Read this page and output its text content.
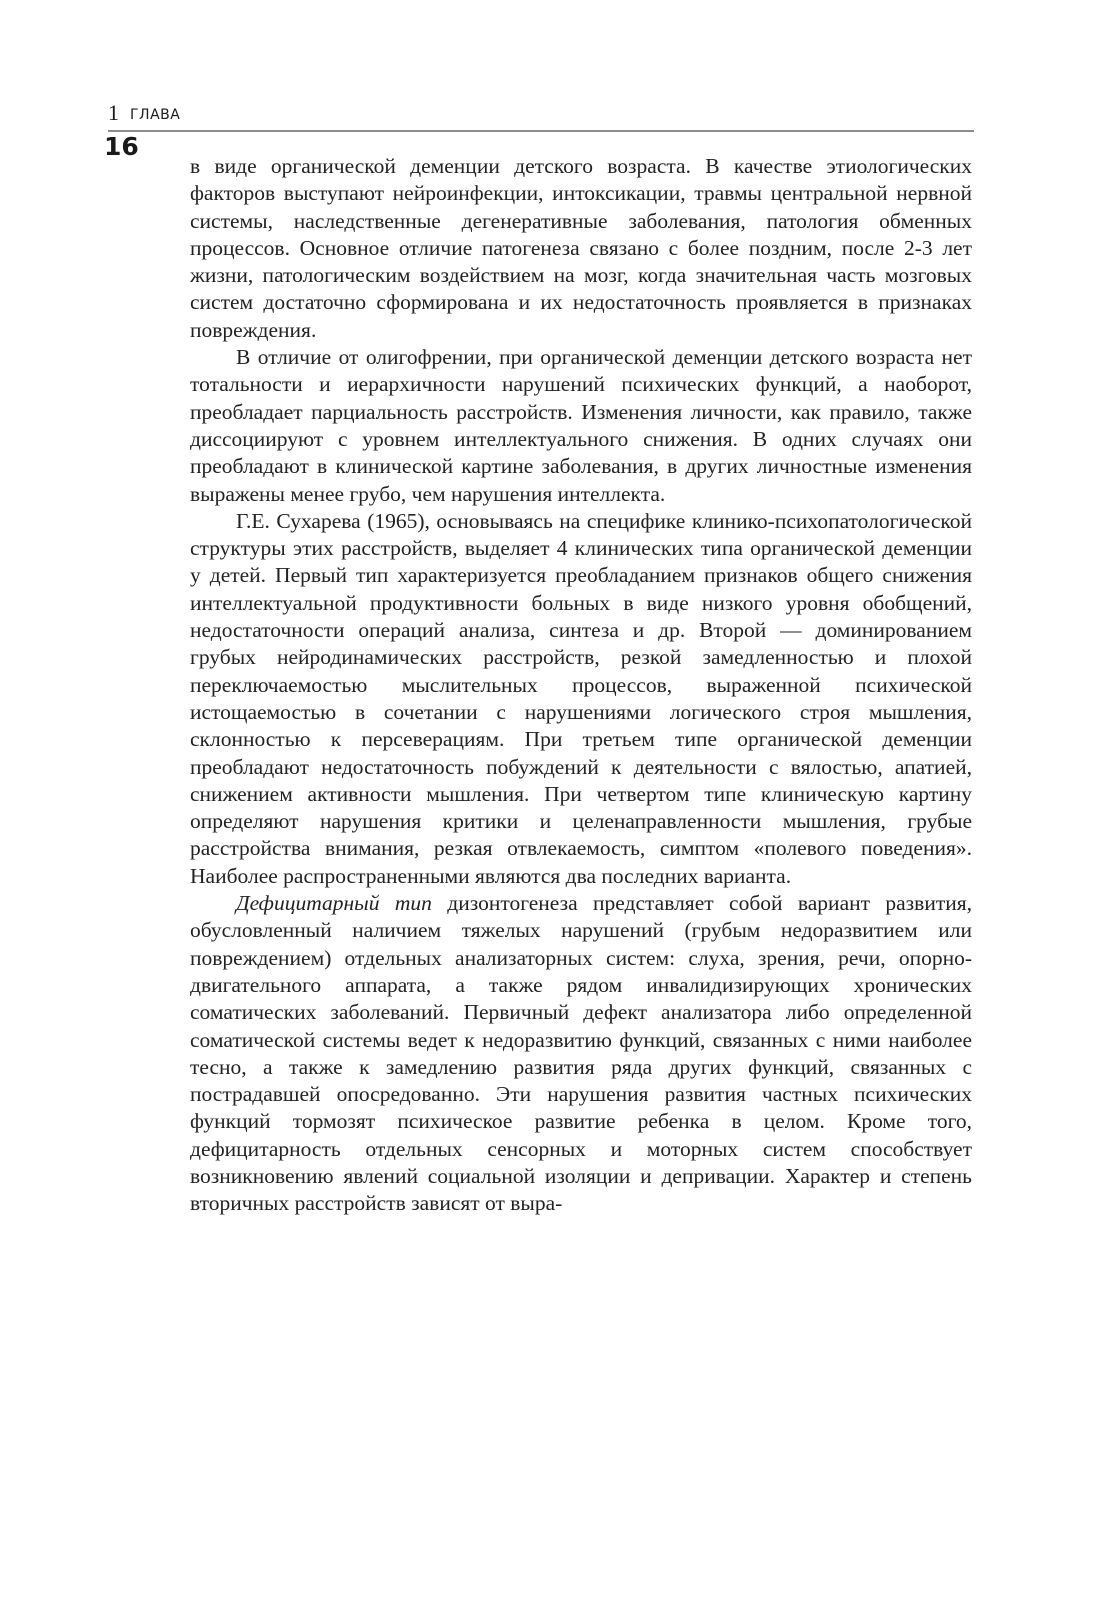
1 ГЛАВА
16

в виде органической деменции детского возраста. В качестве этиологических факторов выступают нейроинфекции, интоксикации, травмы центральной нервной системы, наследственные дегенеративные заболевания, патология обменных процессов. Основное отличие патогенеза связано с более поздним, после 2-3 лет жизни, патологическим воздействием на мозг, когда значительная часть мозговых систем достаточно сформирована и их недостаточность проявляется в признаках повреждения.

В отличие от олигофрении, при органической деменции детского возраста нет тотальности и иерархичности нарушений психических функций, а наоборот, преобладает парциальность расстройств. Изменения личности, как правило, также диссоциируют с уровнем интеллектуального снижения. В одних случаях они преобладают в клинической картине заболевания, в других личностные изменения выражены менее грубо, чем нарушения интеллекта.

Г.Е. Сухарева (1965), основываясь на специфике клинико-психопатологической структуры этих расстройств, выделяет 4 клинических типа органической деменции у детей. Первый тип характеризуется преобладанием признаков общего снижения интеллектуальной продуктивности больных в виде низкого уровня обобщений, недостаточности операций анализа, синтеза и др. Второй — доминированием грубых нейродинамических расстройств, резкой замедленностью и плохой переключаемостью мыслительных процессов, выраженной психической истощаемостью в сочетании с нарушениями логического строя мышления, склонностью к персеверациям. При третьем типе органической деменции преобладают недостаточность побуждений к деятельности с вялостью, апатией, снижением активности мышления. При четвертом типе клиническую картину определяют нарушения критики и целенаправленности мышления, грубые расстройства внимания, резкая отвлекаемость, симптом «полевого поведения». Наиболее распространенными являются два последних варианта.

Дефицитарный тип дизонтогенеза представляет собой вариант развития, обусловленный наличием тяжелых нарушений (грубым недоразвитием или повреждением) отдельных анализаторных систем: слуха, зрения, речи, опорно-двигательного аппарата, а также рядом инвалидизирующих хронических соматических заболеваний. Первичный дефект анализатора либо определенной соматической системы ведет к недоразвитию функций, связанных с ними наиболее тесно, а также к замедлению развития ряда других функций, связанных с пострадавшей опосредованно. Эти нарушения развития частных психических функций тормозят психическое развитие ребенка в целом. Кроме того, дефицитарность отдельных сенсорных и моторных систем способствует возникновению явлений социальной изоляции и депривации. Характер и степень вторичных расстройств зависят от выра-
